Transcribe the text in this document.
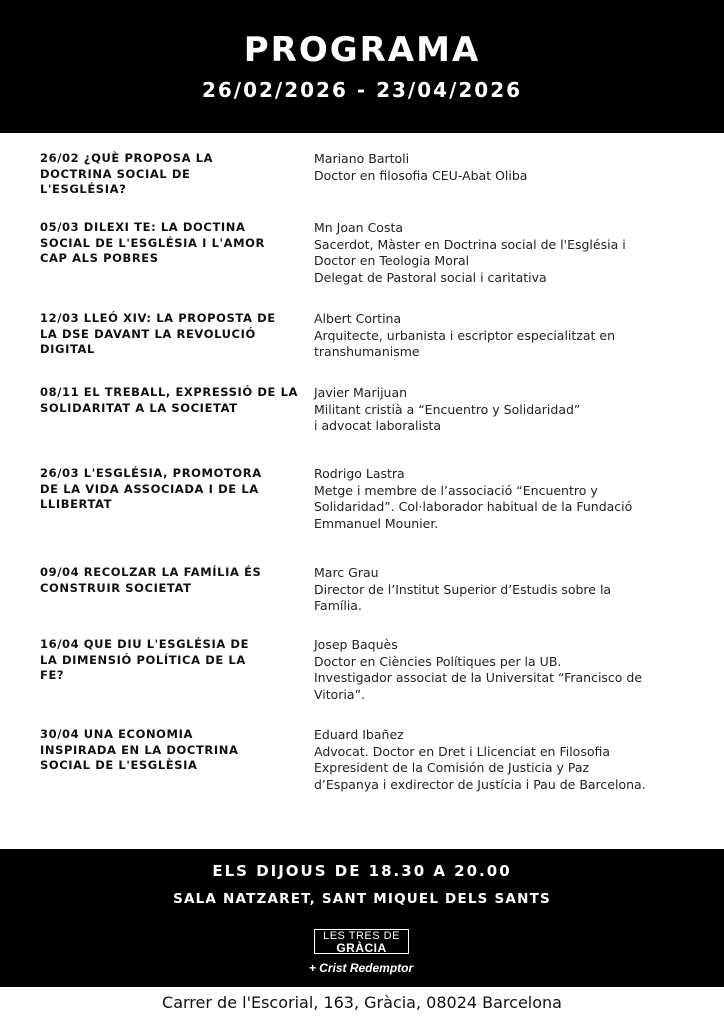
PROGRAMA
26/02/2026 - 23/04/2026
26/02 ¿QUÈ PROPOSA LA DOCTRINA SOCIAL DE L'ESGLÉSIA?
Mariano Bartoli
Doctor en filosofia CEU-Abat Oliba
05/03 DILEXI TE: LA DOCTINA SOCIAL DE L'ESGLÉSIA I L'AMOR CAP ALS POBRES
Mn Joan Costa
Sacerdot, Màster en Doctrina social de l'Església i
Doctor en Teologia Moral
Delegat de Pastoral social i caritativa
12/03 LLEÓ XIV: LA PROPOSTA DE LA DSE DAVANT LA REVOLUCIÓ DIGITAL
Albert Cortina
Arquitecte, urbanista i escriptor especialitzat en
transhumanisme
08/11 EL TREBALL, EXPRESSIÓ DE LA SOLIDARITAT A LA SOCIETAT
Javier Marijuan
Militant cristià a “Encuentro y Solidaridad”
i advocat laboralista
26/03 L'ESGLÉSIA, PROMOTORA DE LA VIDA ASSOCIADA I DE LA LLIBERTAT
Rodrigo Lastra
Metge i membre de l’associació “Encuentro y
Solidaridad”. Col·laborador habitual de la Fundació
Emmanuel Mounier.
09/04 RECOLZAR LA FAMÍLIA ÉS CONSTRUIR SOCIETAT
Marc Grau
Director de l’Institut Superior d’Estudis sobre la
Família.
16/04 QUE DIU L'ESGLÉSIA DE LA DIMENSIÓ POLÍTICA DE LA FE?
Josep Baquès
Doctor en Ciències Polítiques per la UB.
Investigador associat de la Universitat “Francisco de
Vitoria”.
30/04 UNA ECONOMIA INSPIRADA EN LA DOCTRINA SOCIAL DE L'ESGLÈSIA
Eduard Ibañez
Advocat. Doctor en Dret i Llicenciat en Filosofia
Expresident de la Comisión de Justicia y Paz
d’Espanya i exdirector de Justícia i Pau de Barcelona.
ELS DIJOUS DE 18.30 A 20.00
SALA NATZARET, SANT MIQUEL DELS SANTS
LES TRES DE
GRÀCIA
+ Crist Redemptor
Carrer de l'Escorial, 163, Gràcia, 08024 Barcelona
